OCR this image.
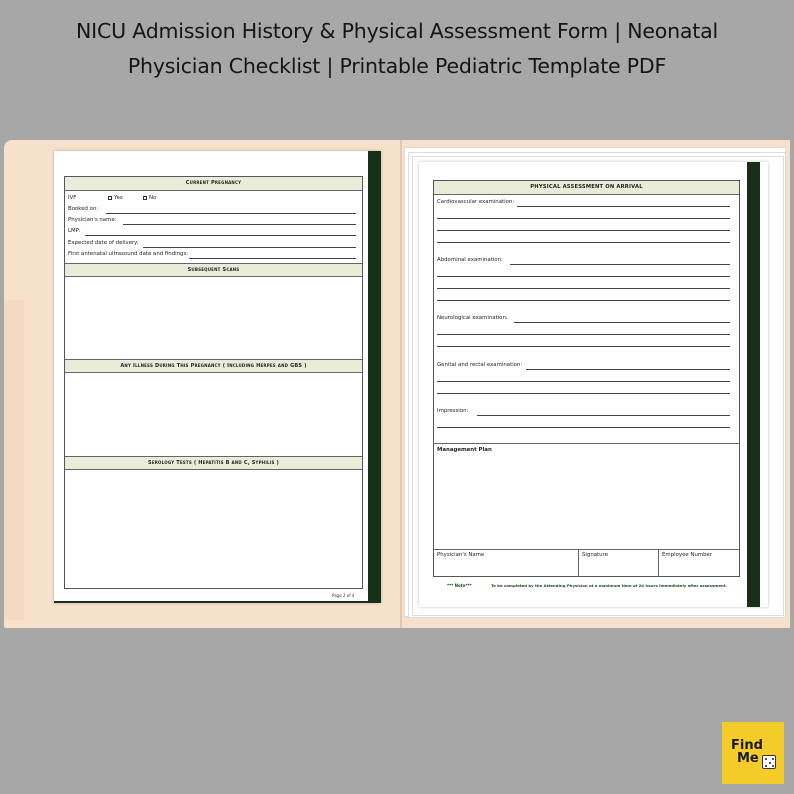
NICU Admission History & Physical Assessment Form | Neonatal
Physician Checklist | Printable Pediatric Template PDF
Current Pregnancy
IVF	Yes	No
Booked on:
Physician's name:
LMP:
Expected date of delivery:
First antenatal ultrasound date and findings:
Subsequent Scans
Any Illness During This Pregnancy ( Including Herpes and GBS )
Serology Tests ( Hepatitis B and C, Syphilis )
Page 2 of 4
PHYSICAL ASSESSMENT ON ARRIVAL
Cardiovascular examination:
Abdominal examination:
Neurological examination:
Genital and rectal examination:
Impression:
Management Plan
Physician's Name	Signature	Employee Number
*** Note***	To be completed by the Attending Physician at a maximum time of 24 hours immediately after assessment.
Find
Me
